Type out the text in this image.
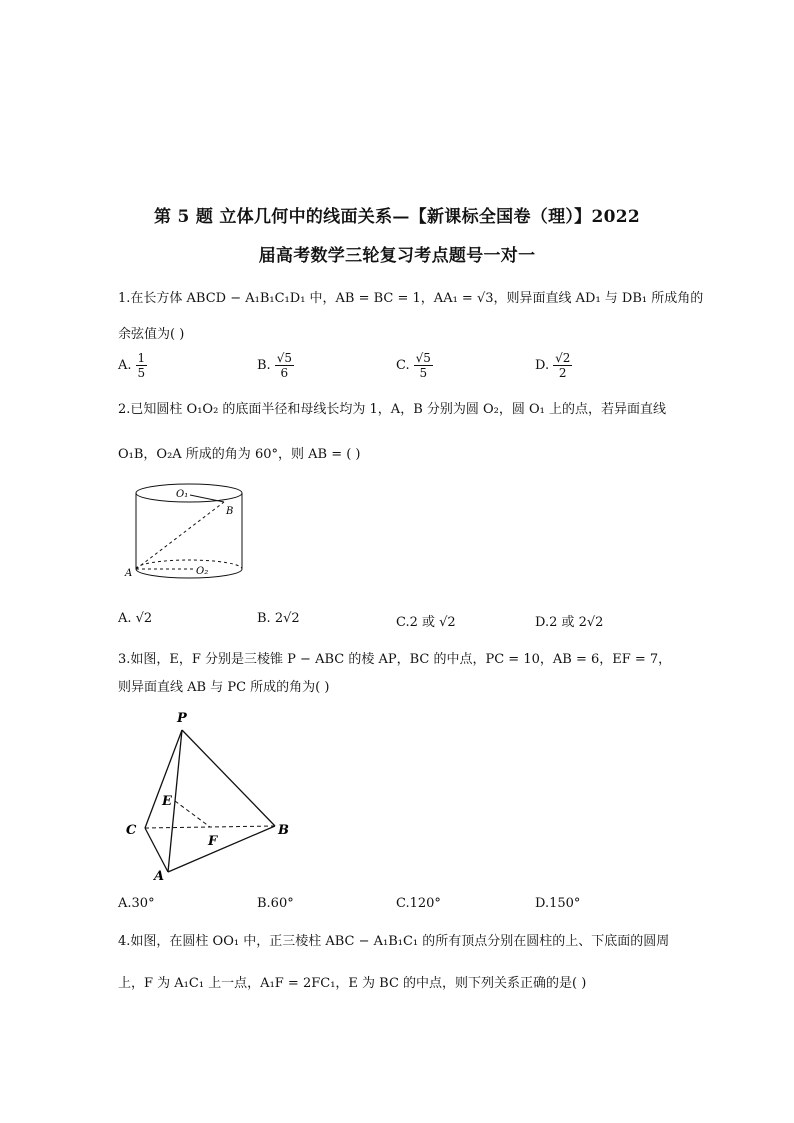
第 5 题 立体几何中的线面关系—【新课标全国卷（理）】2022
届高考数学三轮复习考点题号一对一
1.在长方体 ABCD − A₁B₁C₁D₁ 中，AB = BC = 1，AA₁ = √3，则异面直线 AD₁ 与 DB₁ 所成角的
余弦值为( )
A. $\frac{1}{5}$	B. $\frac{√5}{6}$	C. $\frac{√5}{5}$	D. $\frac{√2}{2}$
2.已知圆柱 O₁O₂ 的底面半径和母线长均为 1，A，B 分别为圆 O₂，圆 O₁ 上的点，若异面直线
O₁B，O₂A 所成的角为 60°，则 AB = ( )
O₁
B
A	O₂
A. √2	B. 2√2	C.2 或 √2	D.2 或 2√2
3.如图，E，F 分别是三棱锥 P − ABC 的棱 AP，BC 的中点，PC = 10，AB = 6，EF = 7，
则异面直线 AB 与 PC 所成的角为( )
P
E
C	B
F
A
A.30°	B.60°	C.120°	D.150°
4.如图，在圆柱 OO₁ 中，正三棱柱 ABC − A₁B₁C₁ 的所有顶点分别在圆柱的上、下底面的圆周
上，F 为 A₁C₁ 上一点，A₁F = 2FC₁，E 为 BC 的中点，则下列关系正确的是( )
